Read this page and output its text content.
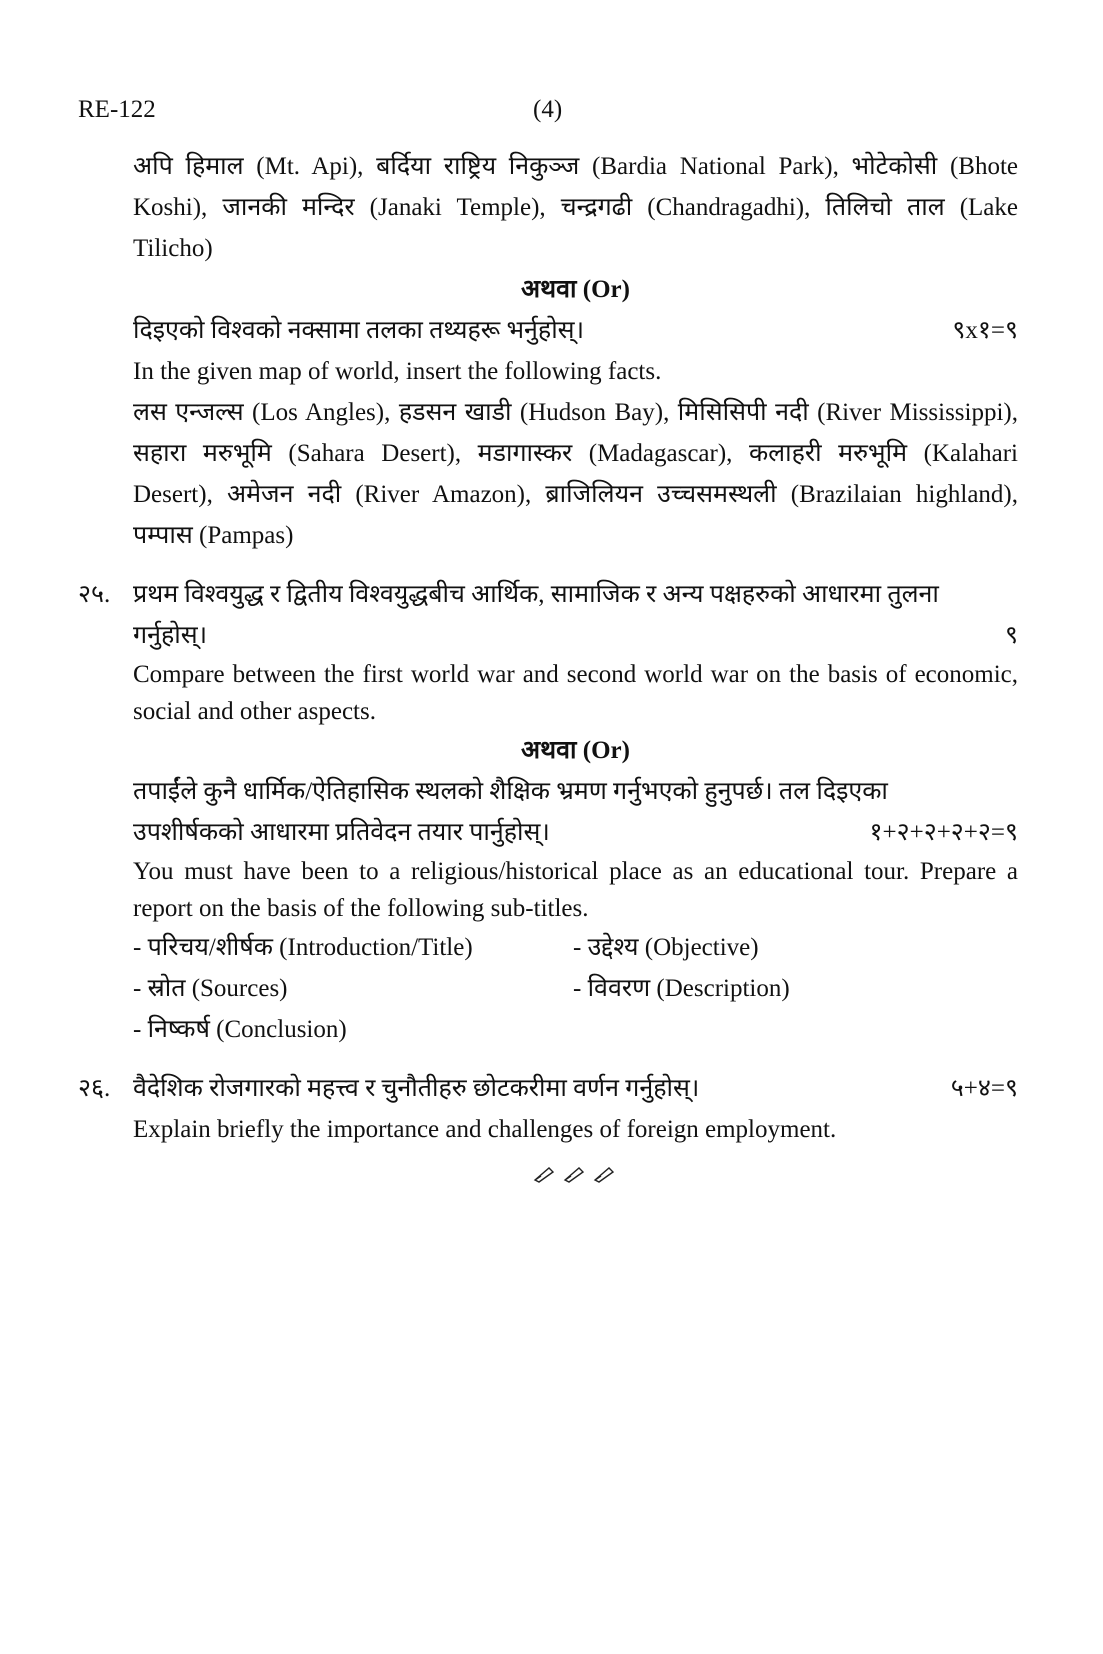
RE-122	(4)

अपि हिमाल (Mt. Api), बर्दिया राष्ट्रिय निकुञ्ज (Bardia National Park), भोटेकोसी (Bhote Koshi), जानकी मन्दिर (Janaki Temple), चन्द्रगढी (Chandragadhi), तिलिचो ताल (Lake Tilicho)

अथवा (Or)

दिइएको विश्वको नक्सामा तलका तथ्यहरू भर्नुहोस्।	९x१=९

In the given map of world, insert the following facts.

लस एन्जल्स (Los Angles), हडसन खाडी (Hudson Bay), मिसिसिपी नदी (River Mississippi), सहारा मरुभूमि (Sahara Desert), मडागास्कर (Madagascar), कलाहरी मरुभूमि (Kalahari Desert), अमेजन नदी (River Amazon), ब्राजिलियन उच्चसमस्थली (Brazilaian highland), पम्पास (Pampas)

२५. प्रथम विश्वयुद्ध र द्वितीय विश्वयुद्धबीच आर्थिक, सामाजिक र अन्य पक्षहरुको आधारमा तुलना

गर्नुहोस्।	९

Compare between the first world war and second world war on the basis of economic, social and other aspects.

अथवा (Or)

तपाईंले कुनै धार्मिक/ऐतिहासिक स्थलको शैक्षिक भ्रमण गर्नुभएको हुनुपर्छ। तल दिइएका

उपशीर्षकको आधारमा प्रतिवेदन तयार पार्नुहोस्।	१+२+२+२+२=९

You must have been to a religious/historical place as an educational tour. Prepare a report on the basis of the following sub-titles.

- परिचय/शीर्षक (Introduction/Title)	- उद्देश्य (Objective)
- स्रोत (Sources)	- विवरण (Description)
- निष्कर्ष (Conclusion)
२६. वैदेशिक रोजगारको महत्त्व र चुनौतीहरु छोटकरीमा वर्णन गर्नुहोस्।	५+४=९

Explain briefly the importance and challenges of foreign employment.
